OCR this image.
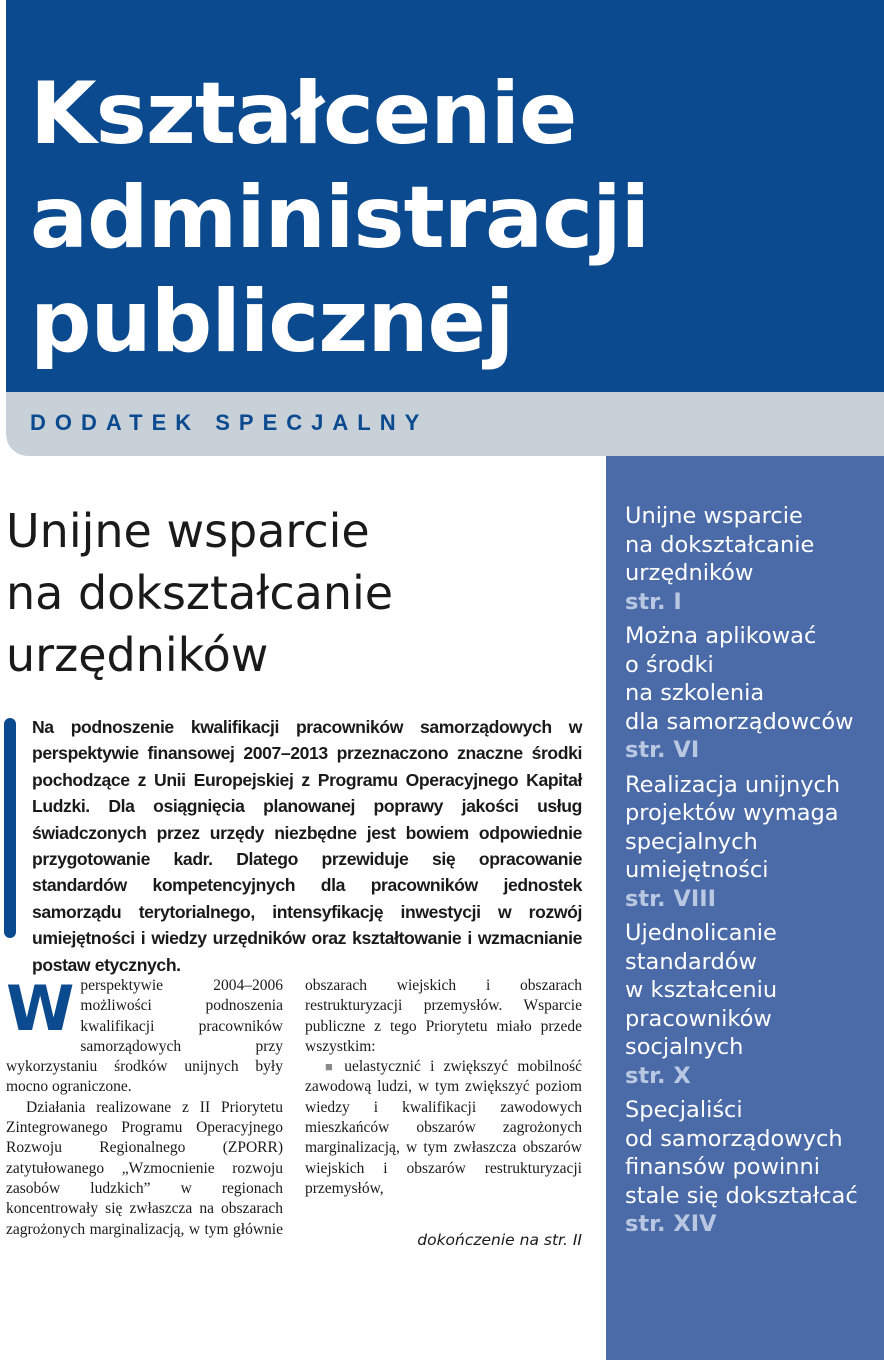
Kształcenie
administracji
publicznej
DODATEK SPECJALNY
Unijne wsparcie
na dokształcanie
urzędników

Na podnoszenie kwalifikacji pracowników samorządowych w perspektywie finansowej 2007–2013 przeznaczono znaczne środki pochodzące z Unii Europejskiej z Programu Operacyjnego Kapitał Ludzki. Dla osiągnięcia planowanej poprawy jakości usług świadczonych przez urzędy niezbędne jest bowiem odpowiednie przygotowanie kadr. Dlatego przewiduje się opracowanie standardów kompetencyjnych dla pracowników jednostek samorządu terytorialnego, intensyfikację inwestycji w rozwój umiejętności i wiedzy urzędników oraz kształtowanie i wzmacnianie postaw etycznych.

Wperspektywie 2004–2006 możliwości podnoszenia kwalifikacji pracowników samorządowych przy wykorzystaniu środków unijnych były mocno ograniczone.

Działania realizowane z II Priorytetu Zintegrowanego Programu Operacyjnego Rozwoju Regionalnego (ZPORR) zatytułowanego „Wzmocnienie rozwoju zasobów ludzkich” w regionach koncentrowały się zwłaszcza na obszarach zagrożonych marginalizacją, w tym głównie obszarach wiejskich i obszarach restrukturyzacji przemysłów. Wsparcie publiczne z tego Priorytetu miało przede wszystkim:

■ uelastycznić i zwiększyć mobilność zawodową ludzi, w tym zwiększyć poziom wiedzy i kwalifikacji zawodowych mieszkańców obszarów zagrożonych marginalizacją, w tym zwłaszcza obszarów wiejskich i obszarów restrukturyzacji przemysłów,

dokończenie na str. II
Unijne wsparcie
na dokształcanie
urzędników
str. I
Można aplikować
o środki
na szkolenia
dla samorządowców
str. VI
Realizacja unijnych
projektów wymaga
specjalnych
umiejętności
str. VIII
Ujednolicanie
standardów
w kształceniu
pracowników
socjalnych
str. X
Specjaliści
od samorządowych
finansów powinni
stale się dokształcać
str. XIV
